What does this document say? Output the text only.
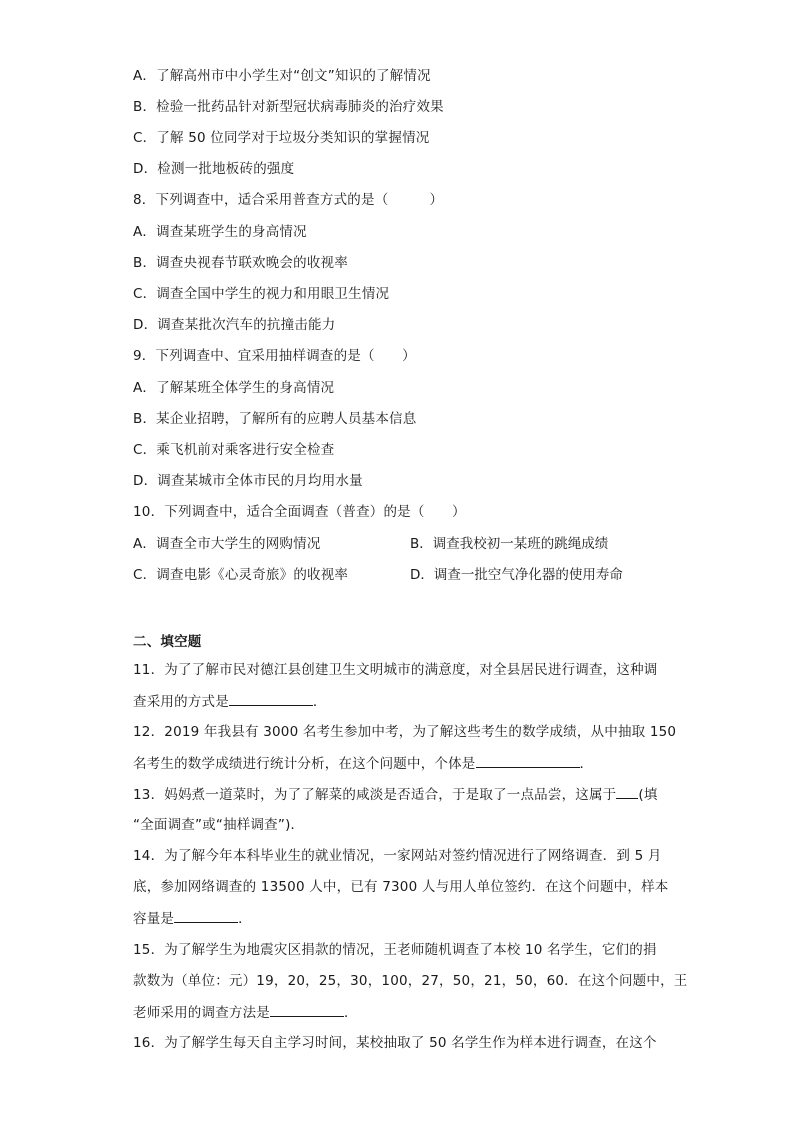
A．了解高州市中小学生对“创文”知识的了解情况
B．检验一批药品针对新型冠状病毒肺炎的治疗效果
C．了解 50 位同学对于垃圾分类知识的掌握情况
D．检测一批地板砖的强度
8．下列调查中，适合采用普查方式的是（　　　）
A．调查某班学生的身高情况
B．调查央视春节联欢晚会的收视率
C．调查全国中学生的视力和用眼卫生情况
D．调查某批次汽车的抗撞击能力
9．下列调查中、宜采用抽样调查的是（　　）
A．了解某班全体学生的身高情况
B．某企业招聘，了解所有的应聘人员基本信息
C．乘飞机前对乘客进行安全检查
D．调查某城市全体市民的月均用水量
10．下列调查中，适合全面调查（普查）的是（　　）
A．调查全市大学生的网购情况	B．调查我校初一某班的跳绳成绩
C．调查电影《心灵奇旅》的收视率	D．调查一批空气净化器的使用寿命
二、填空题
11．为了了解市民对德江县创建卫生文明城市的满意度，对全县居民进行调查，这种调
查采用的方式是	．
12．2019 年我县有 3000 名考生参加中考，为了解这些考生的数学成绩，从中抽取 150
名考生的数学成绩进行统计分析，在这个问题中，个体是	．
13．妈妈煮一道菜时，为了了解菜的咸淡是否适合，于是取了一点品尝，这属于 (填
“全面调查”或“抽样调查”)．
14．为了解今年本科毕业生的就业情况，一家网站对签约情况进行了网络调查．到 5 月
底，参加网络调查的 13500 人中，已有 7300 人与用人单位签约．在这个问题中，样本
容量是	．
15．为了解学生为地震灾区捐款的情况，王老师随机调查了本校 10 名学生，它们的捐
款数为（单位：元）19，20，25，30，100，27，50，21，50，60．在这个问题中，王
老师采用的调查方法是	．
16．为了解学生每天自主学习时间，某校抽取了 50 名学生作为样本进行调查，在这个
